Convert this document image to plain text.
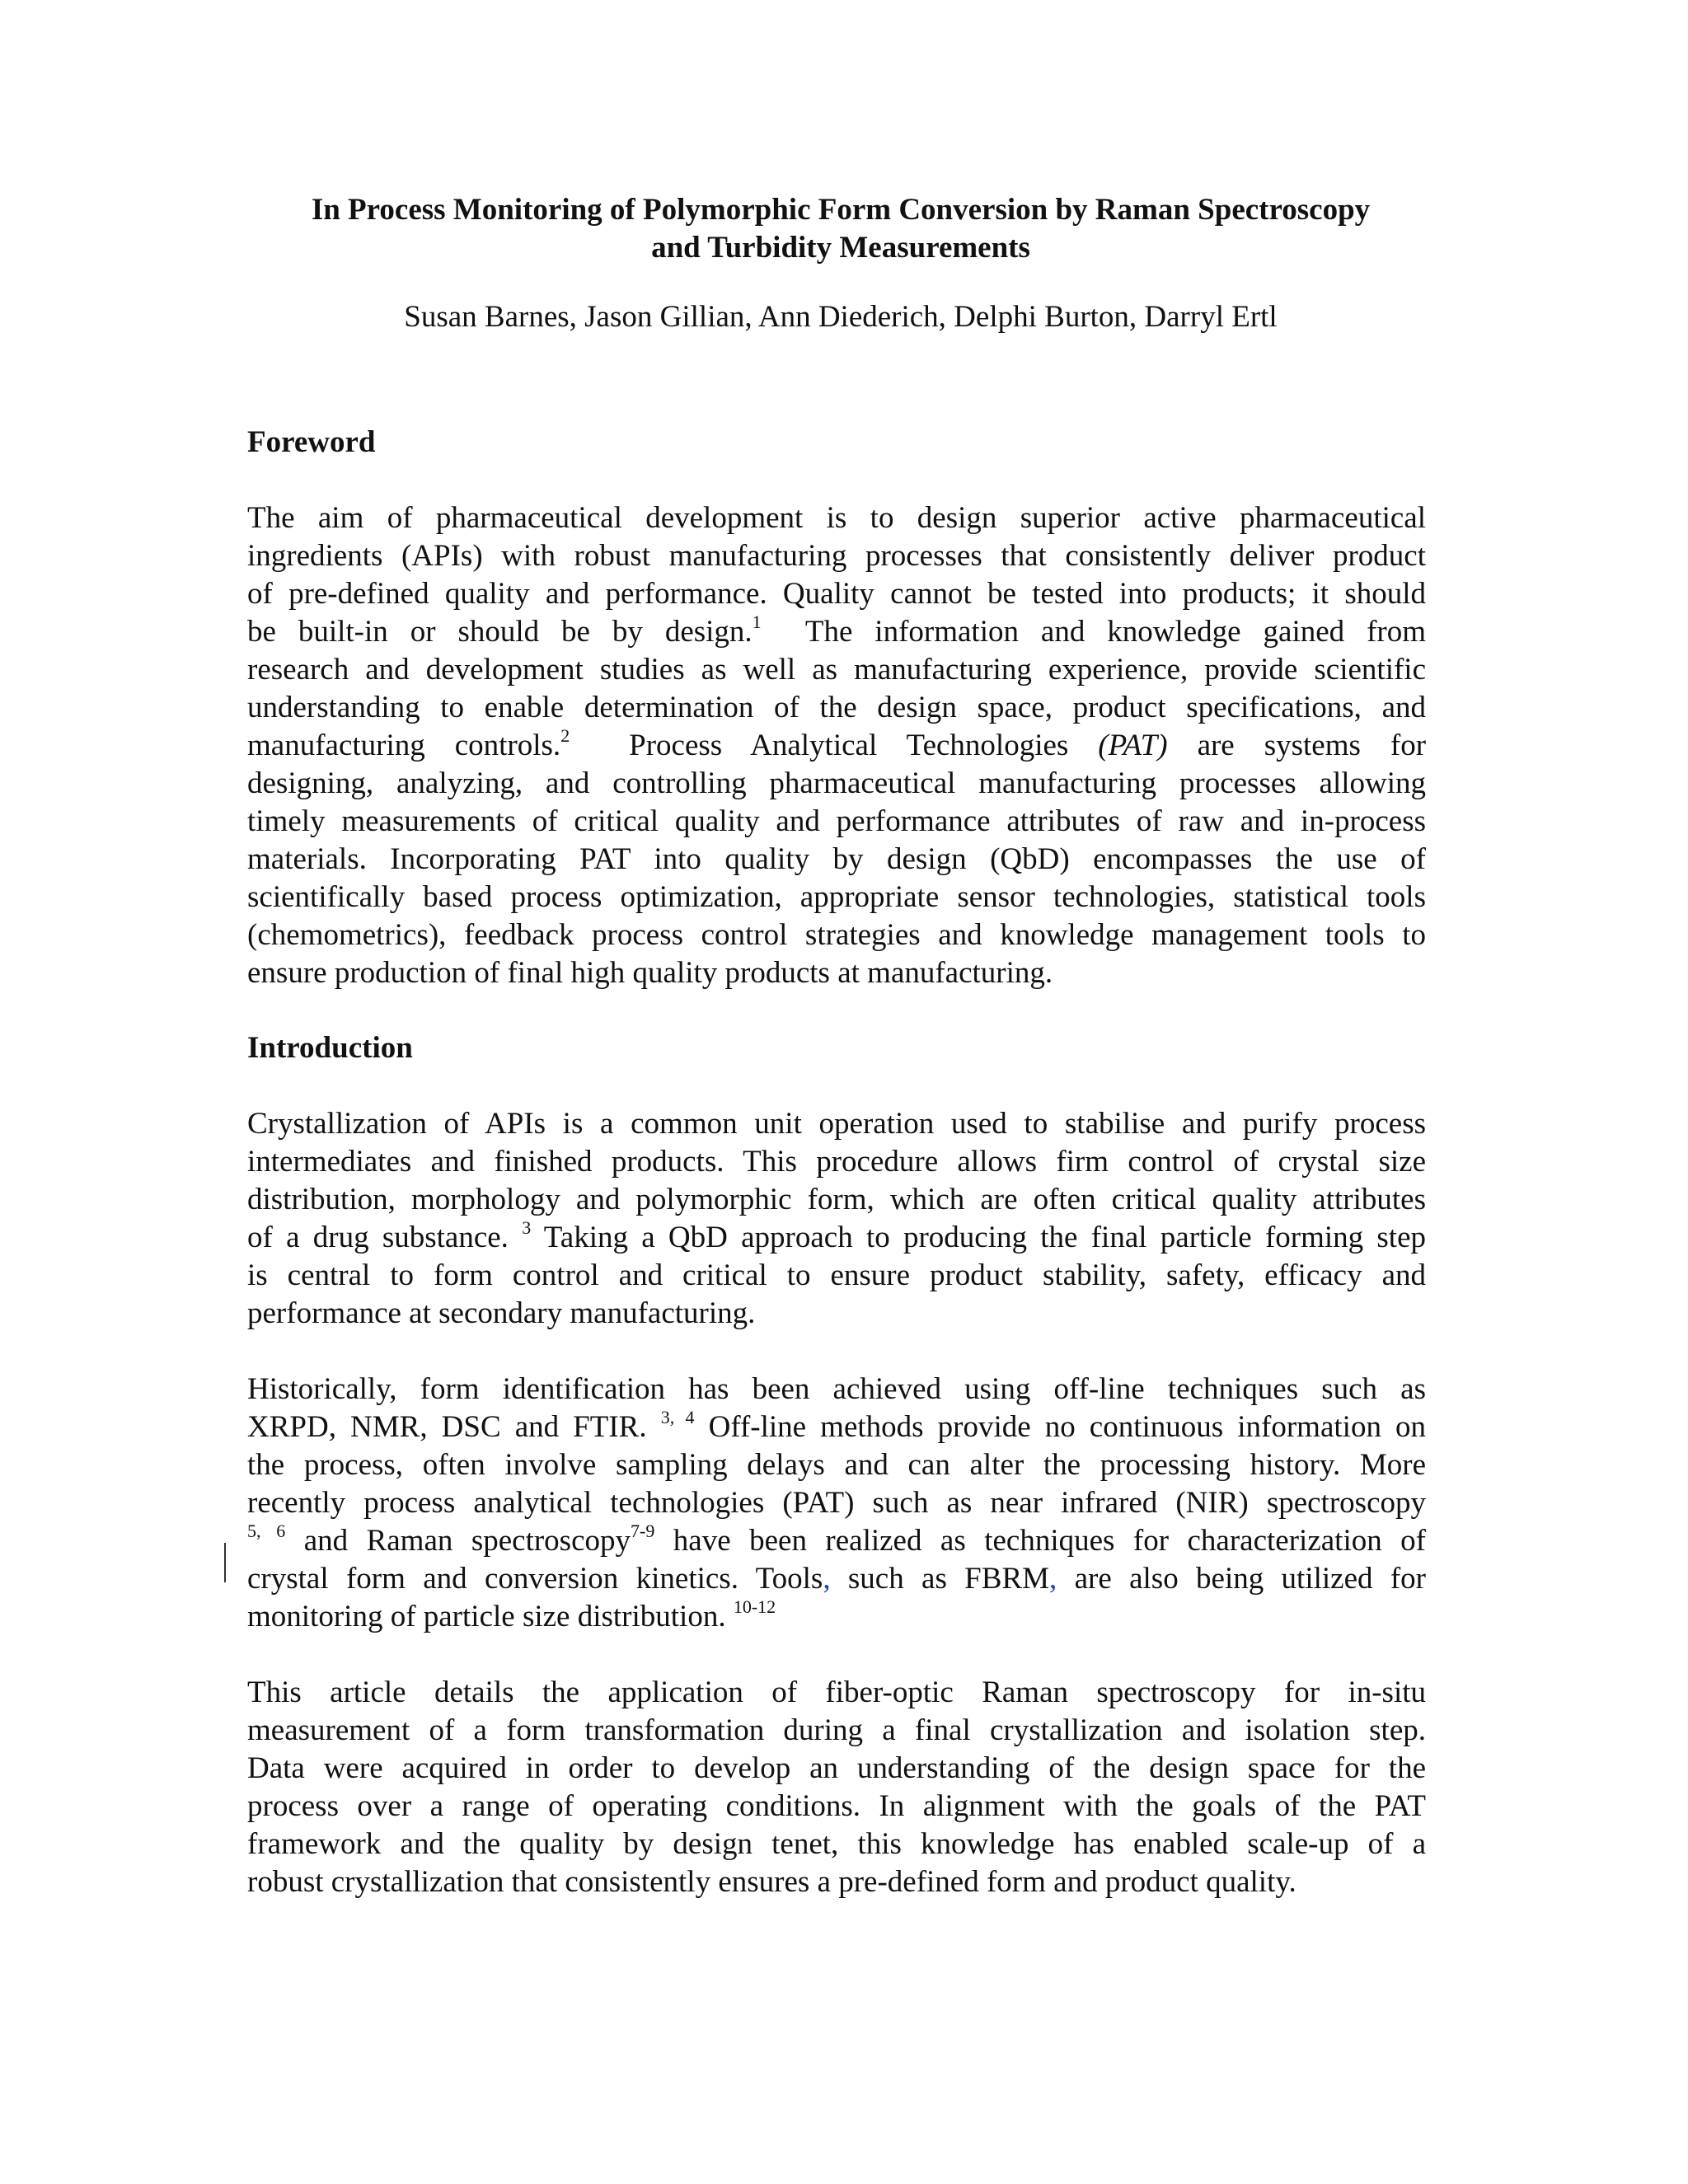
In Process Monitoring of Polymorphic Form Conversion by Raman Spectroscopy
and Turbidity Measurements

Susan Barnes, Jason Gillian, Ann Diederich, Delphi Burton, Darryl Ertl

Foreword

The aim of pharmaceutical development is to design superior active pharmaceutical
ingredients (APIs) with robust manufacturing processes that consistently deliver product
of pre-defined quality and performance. Quality cannot be tested into products; it should
be built-in or should be by design.$^1$ The information and knowledge gained from
research and development studies as well as manufacturing experience, provide scientific
understanding to enable determination of the design space, product specifications, and
manufacturing controls.$^2$ Process Analytical Technologies (PAT) are systems for
designing, analyzing, and controlling pharmaceutical manufacturing processes allowing
timely measurements of critical quality and performance attributes of raw and in-process
materials. Incorporating PAT into quality by design (QbD) encompasses the use of
scientifically based process optimization, appropriate sensor technologies, statistical tools
(chemometrics), feedback process control strategies and knowledge management tools to
ensure production of final high quality products at manufacturing.

Introduction

Crystallization of APIs is a common unit operation used to stabilise and purify process
intermediates and finished products. This procedure allows firm control of crystal size
distribution, morphology and polymorphic form, which are often critical quality attributes
of a drug substance. $^3$ Taking a QbD approach to producing the final particle forming step
is central to form control and critical to ensure product stability, safety, efficacy and
performance at secondary manufacturing.

Historically, form identification has been achieved using off-line techniques such as
XRPD, NMR, DSC and FTIR. $^{3, 4}$ Off-line methods provide no continuous information on
the process, often involve sampling delays and can alter the processing history. More
recently process analytical technologies (PAT) such as near infrared (NIR) spectroscopy
$^{5, 6}$ and Raman spectroscopy$^{7-9}$ have been realized as techniques for characterization of
crystal form and conversion kinetics. Tools, such as FBRM, are also being utilized for
monitoring of particle size distribution. $^{10-12}$

This article details the application of fiber-optic Raman spectroscopy for in-situ
measurement of a form transformation during a final crystallization and isolation step.
Data were acquired in order to develop an understanding of the design space for the
process over a range of operating conditions. In alignment with the goals of the PAT
framework and the quality by design tenet, this knowledge has enabled scale-up of a
robust crystallization that consistently ensures a pre-defined form and product quality.
